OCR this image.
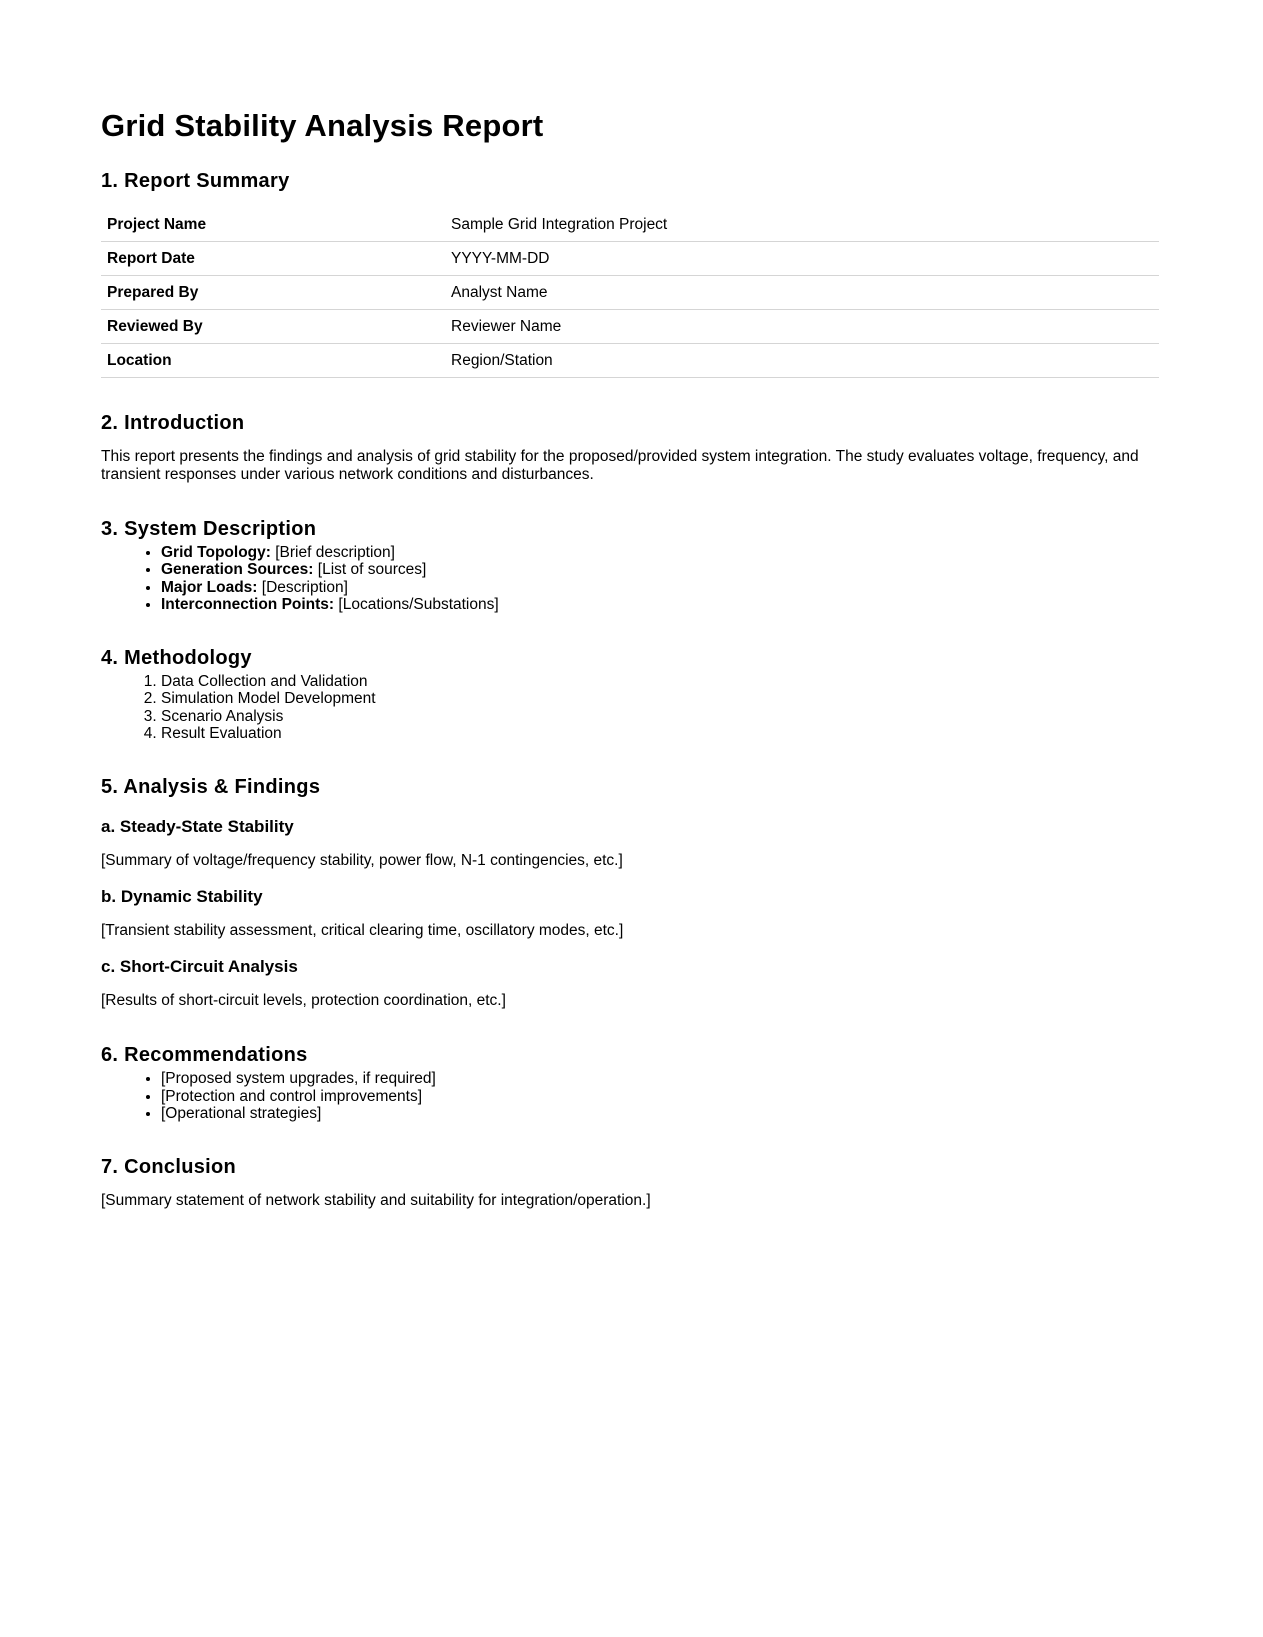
Grid Stability Analysis Report
1. Report Summary
Project Name	Sample Grid Integration Project
Report Date	YYYY-MM-DD
Prepared By	Analyst Name
Reviewed By	Reviewer Name
Location	Region/Station
2. Introduction

This report presents the findings and analysis of grid stability for the proposed/provided system integration. The study evaluates voltage, frequency, and transient responses under various network conditions and disturbances.

3. System Description
• Grid Topology: [Brief description]
• Generation Sources: [List of sources]
• Major Loads: [Description]
• Interconnection Points: [Locations/Substations]
4. Methodology
1. Data Collection and Validation
2. Simulation Model Development
3. Scenario Analysis
4. Result Evaluation
5. Analysis & Findings
a. Steady-State Stability

[Summary of voltage/frequency stability, power flow, N-1 contingencies, etc.]

b. Dynamic Stability

[Transient stability assessment, critical clearing time, oscillatory modes, etc.]

c. Short-Circuit Analysis

[Results of short-circuit levels, protection coordination, etc.]

6. Recommendations
• [Proposed system upgrades, if required]
• [Protection and control improvements]
• [Operational strategies]
7. Conclusion

[Summary statement of network stability and suitability for integration/operation.]
